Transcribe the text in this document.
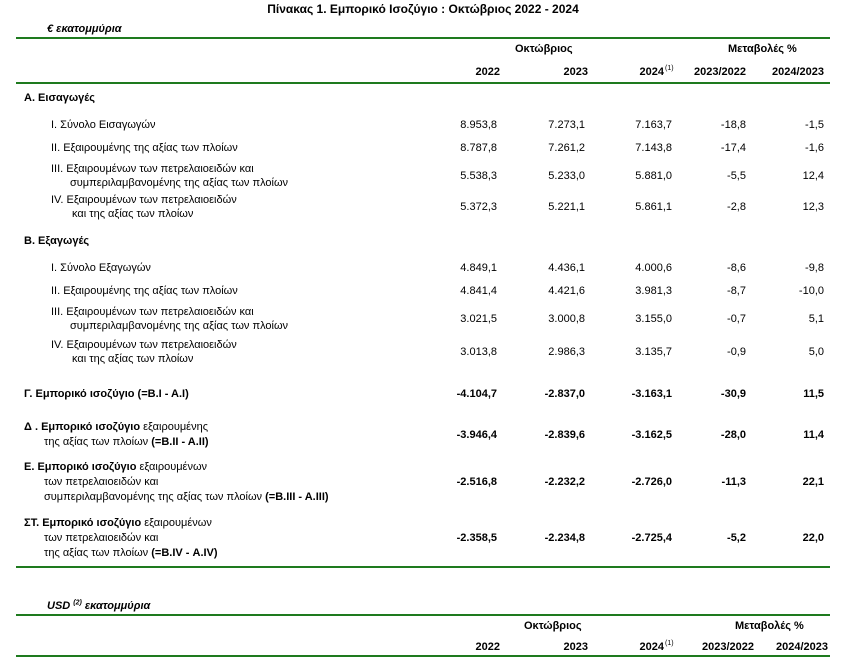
Πίνακας 1. Εμπορικό Ισοζύγιο : Οκτώβριος 2022 - 2024
€ εκατομμύρια
Οκτώβριος	Μεταβολές %
2022	2023	2024 (1)	2023/2022	2024/2023
Α. Εισαγωγές
I. Σύνολο Εισαγωγών	8.953,8	7.273,1	7.163,7	-18,8	-1,5
II. Εξαιρουμένης της αξίας των πλοίων	8.787,8	7.261,2	7.143,8	-17,4	-1,6
III. Εξαιρουμένων των πετρελαιοειδών και
συμπεριλαμβανομένης της αξίας των πλοίων
5.538,3	5.233,0	5.881,0	-5,5	12,4
IV. Εξαιρουμένων των πετρελαιοειδών
και της αξίας των πλοίων
5.372,3	5.221,1	5.861,1	-2,8	12,3
Β. Εξαγωγές
I. Σύνολο Εξαγωγών	4.849,1	4.436,1	4.000,6	-8,6	-9,8
II. Εξαιρουμένης της αξίας των πλοίων	4.841,4	4.421,6	3.981,3	-8,7	-10,0
III. Εξαιρουμένων των πετρελαιοειδών και
συμπεριλαμβανομένης της αξίας των πλοίων
3.021,5	3.000,8	3.155,0	-0,7	5,1
IV. Εξαιρουμένων των πετρελαιοειδών
και της αξίας των πλοίων
3.013,8	2.986,3	3.135,7	-0,9	5,0
Γ. Εμπορικό ισοζύγιο (=Β.Ι - Α.Ι)	-4.104,7	-2.837,0	-3.163,1	-30,9	11,5
Δ . Εμπορικό ισοζύγιο εξαιρουμένης
της αξίας των πλοίων (=Β.ΙΙ - Α.ΙΙ)
-3.946,4	-2.839,6	-3.162,5	-28,0	11,4
Ε. Εμπορικό ισοζύγιο εξαιρουμένων
των πετρελαιοειδών και
συμπεριλαμβανομένης της αξίας των πλοίων (=Β.ΙΙΙ - Α.ΙΙΙ)
-2.516,8	-2.232,2	-2.726,0	-11,3	22,1
ΣΤ. Εμπορικό ισοζύγιο εξαιρουμένων
των πετρελαιοειδών και
της αξίας των πλοίων (=Β.ΙV - Α.ΙV)
-2.358,5	-2.234,8	-2.725,4	-5,2	22,0
USD $^{(2)}$ εκατομμύρια
Οκτώβριος	Μεταβολές %
2022	2023	2024 (1)	2023/2022	2024/2023
